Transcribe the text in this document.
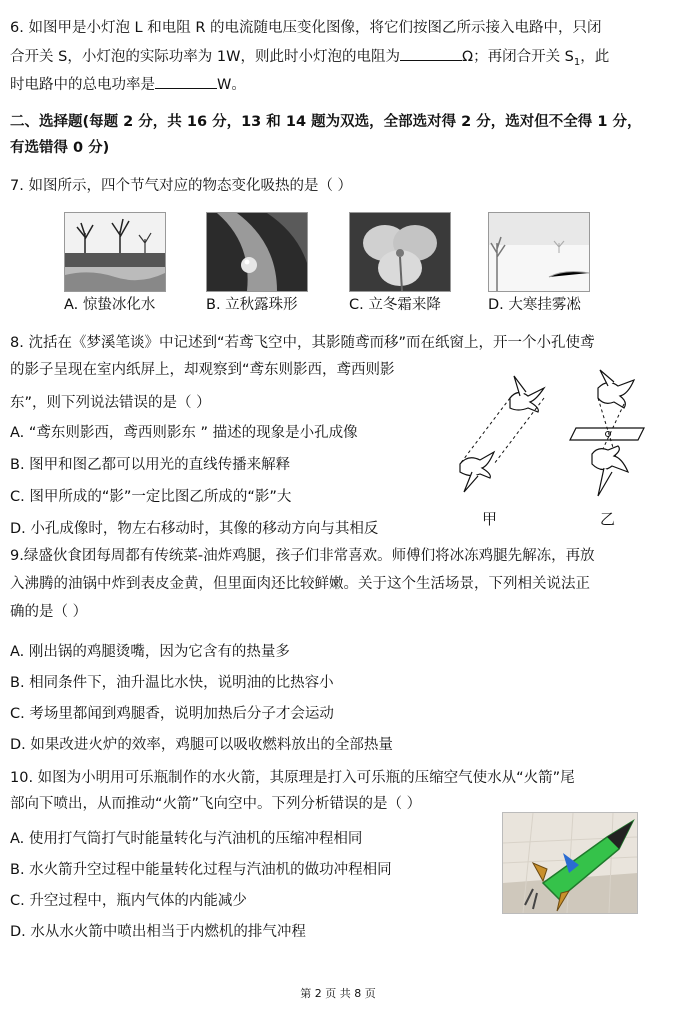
6. 如图甲是小灯泡 L 和电阻 R 的电流随电压变化图像，将它们按图乙所示接入电路中，只闭
合开关 S，小灯泡的实际功率为 1W，则此时小灯泡的电阻为	Ω；再闭合开关 $S_1$，此
时电路中的总电功率是	W。
二、选择题(每题 2 分，共 16 分，13 和 14 题为双选，全部选对得 2 分，选对但不全得 1 分，
有选错得 0 分)
7. 如图所示，四个节气对应的物态变化吸热的是（ ）
A. 惊蛰冰化水	B. 立秋露珠形	C. 立冬霜来降	D. 大寒挂雾凇
8. 沈括在《梦溪笔谈》中记述到“若鸢飞空中，其影随鸢而移”而在纸窗上，开一个小孔使鸢
的影子呈现在室内纸屏上，却观察到“鸢东则影西，鸢西则影
东”，则下列说法错误的是（ ）
A. “鸢东则影西，鸢西则影东 ” 描述的现象是小孔成像
B. 图甲和图乙都可以用光的直线传播来解释
C. 图甲所成的“影”一定比图乙所成的“影”大
D. 小孔成像时，物左右移动时，其像的移动方向与其相反
甲	乙
9.绿盛伙食团每周都有传统菜-油炸鸡腿，孩子们非常喜欢。师傅们将冰冻鸡腿先解冻，再放
入沸腾的油锅中炸到表皮金黄，但里面肉还比较鲜嫩。关于这个生活场景，下列相关说法正
确的是（ ）
A. 刚出锅的鸡腿烫嘴，因为它含有的热量多
B. 相同条件下，油升温比水快，说明油的比热容小
C. 考场里都闻到鸡腿香，说明加热后分子才会运动
D. 如果改进火炉的效率，鸡腿可以吸收燃料放出的全部热量
10. 如图为小明用可乐瓶制作的水火箭，其原理是打入可乐瓶的压缩空气使水从“火箭”尾
部向下喷出，从而推动“火箭”飞向空中。下列分析错误的是（ ）
A. 使用打气筒打气时能量转化与汽油机的压缩冲程相同
B. 水火箭升空过程中能量转化过程与汽油机的做功冲程相同
C. 升空过程中，瓶内气体的内能减少
D. 水从水火箭中喷出相当于内燃机的排气冲程
第 2 页 共 8 页
